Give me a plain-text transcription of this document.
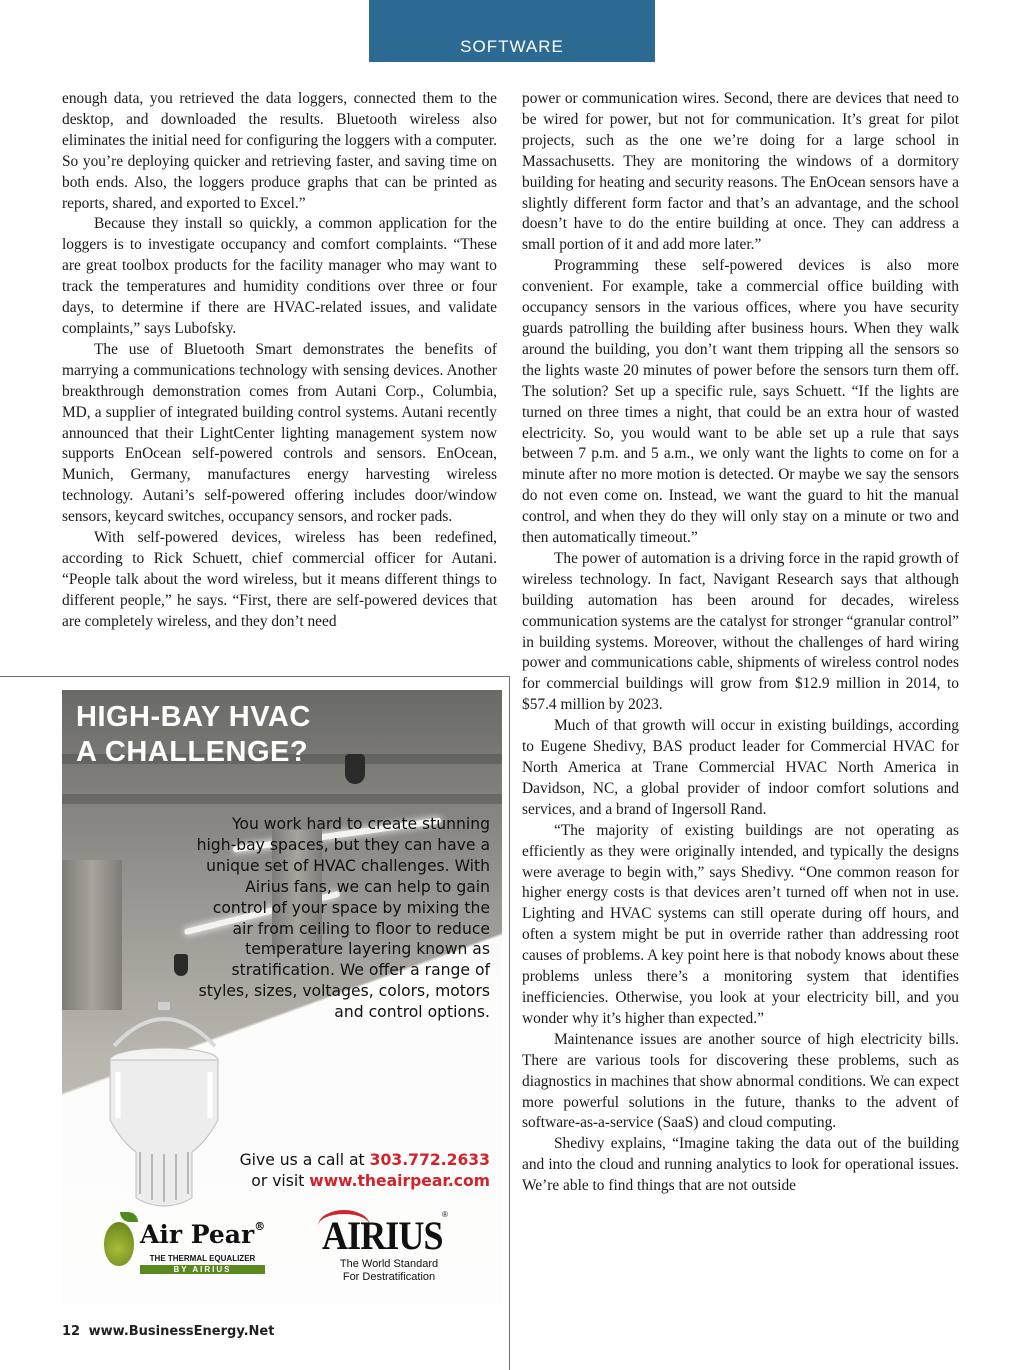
SOFTWARE

enough data, you retrieved the data loggers, connected them to the desktop, and downloaded the results. Bluetooth wireless also eliminates the initial need for configuring the loggers with a computer. So you’re deploying quicker and retrieving faster, and saving time on both ends. Also, the loggers produce graphs that can be printed as reports, shared, and exported to Excel.”

Because they install so quickly, a common application for the loggers is to investigate occupancy and comfort complaints. “These are great toolbox products for the facility manager who may want to track the temperatures and humidity conditions over three or four days, to determine if there are HVAC-related issues, and validate complaints,” says Lubofsky.

The use of Bluetooth Smart demonstrates the benefits of marrying a communications technology with sensing devices. Another breakthrough demonstration comes from Autani Corp., Columbia, MD, a supplier of integrated building control systems. Autani recently announced that their LightCenter lighting management system now supports EnOcean self-powered controls and sensors. EnOcean, Munich, Germany, manufactures energy harvesting wireless technology. Autani’s self-powered offering includes door/window sensors, keycard switches, occupancy sensors, and rocker pads.

With self-powered devices, wireless has been redefined, according to Rick Schuett, chief commercial officer for Autani. “People talk about the word wireless, but it means different things to different people,” he says. “First, there are self-powered devices that are completely wireless, and they don’t need

power or communication wires. Second, there are devices that need to be wired for power, but not for communication. It’s great for pilot projects, such as the one we’re doing for a large school in Massachusetts. They are monitoring the windows of a dormitory building for heating and security reasons. The EnOcean sensors have a slightly different form factor and that’s an advantage, and the school doesn’t have to do the entire building at once. They can address a small portion of it and add more later.”

Programming these self-powered devices is also more convenient. For example, take a commercial office building with occupancy sensors in the various offices, where you have security guards patrolling the building after business hours. When they walk around the building, you don’t want them tripping all the sensors so the lights waste 20 minutes of power before the sensors turn them off. The solution? Set up a specific rule, says Schuett. “If the lights are turned on three times a night, that could be an extra hour of wasted electricity. So, you would want to be able set up a rule that says between 7 p.m. and 5 a.m., we only want the lights to come on for a minute after no more motion is detected. Or maybe we say the sensors do not even come on. Instead, we want the guard to hit the manual control, and when they do they will only stay on a minute or two and then automatically timeout.”

The power of automation is a driving force in the rapid growth of wireless technology. In fact, Navigant Research says that although building automation has been around for decades, wireless communication systems are the catalyst for stronger “granular control” in building systems. Moreover, without the challenges of hard wiring power and communications cable, shipments of wireless control nodes for commercial buildings will grow from $12.9 million in 2014, to $57.4 million by 2023.

Much of that growth will occur in existing buildings, according to Eugene Shedivy, BAS product leader for Commercial HVAC for North America at Trane Commercial HVAC North America in Davidson, NC, a global provider of indoor comfort solutions and services, and a brand of Ingersoll Rand.

“The majority of existing buildings are not operating as efficiently as they were originally intended, and typically the designs were average to begin with,” says Shedivy. “One common reason for higher energy costs is that devices aren’t turned off when not in use. Lighting and HVAC systems can still operate during off hours, and often a system might be put in override rather than addressing root causes of problems. A key point here is that nobody knows about these problems unless there’s a monitoring system that identifies inefficiencies. Otherwise, you look at your electricity bill, and you wonder why it’s higher than expected.”

Maintenance issues are another source of high electricity bills. There are various tools for discovering these problems, such as diagnostics in machines that show abnormal conditions. We can expect more powerful solutions in the future, thanks to the advent of software-as-a-service (SaaS) and cloud computing.

Shedivy explains, “Imagine taking the data out of the building and into the cloud and running analytics to look for operational issues. We’re able to find things that are not outside

HIGH-BAY HVAC
A CHALLENGE?
You work hard to create stunning high-bay spaces, but they can have a unique set of HVAC challenges. With Airius fans, we can help to gain control of your space by mixing the air from ceiling to floor to reduce temperature layering known as stratification. We offer a range of styles, sizes, voltages, colors, motors and control options.
Give us a call at 303.772.2633
or visit www.theairpear.com
Air Pear®
THE THERMAL EQUALIZER
BY AIRIUS
AIRIUS ®
The World Standard
For Destratification
12 www.BusinessEnergy.Net
